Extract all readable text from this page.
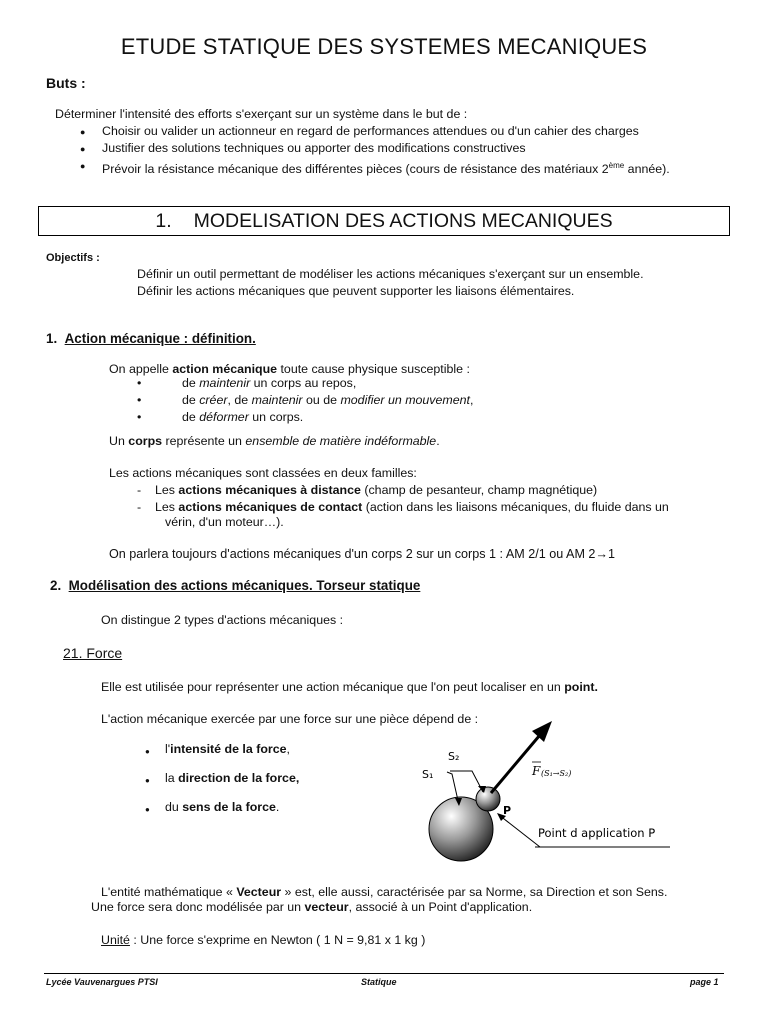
ETUDE STATIQUE DES SYSTEMES MECANIQUES
Buts :
Déterminer l'intensité des efforts s'exerçant sur un système dans le but de :
● Choisir ou valider un actionneur en regard de performances attendues ou d'un cahier des charges
● Justifier des solutions techniques ou apporter des modifications constructives
● Prévoir la résistance mécanique des différentes pièces (cours de résistance des matériaux 2ème année).
1. MODELISATION DES ACTIONS MECANIQUES
Objectifs :
Définir un outil permettant de modéliser les actions mécaniques s'exerçant sur un ensemble.
Définir les actions mécaniques que peuvent supporter les liaisons élémentaires.
1. Action mécanique : définition.
On appelle action mécanique toute cause physique susceptible :
• de maintenir un corps au repos,
• de créer, de maintenir ou de modifier un mouvement,
• de déformer un corps.
Un corps représente un ensemble de matière indéformable.
Les actions mécaniques sont classées en deux familles:
- Les actions mécaniques à distance (champ de pesanteur, champ magnétique)
- Les actions mécaniques de contact (action dans les liaisons mécaniques, du fluide dans un
vérin, d'un moteur…).
On parlera toujours d'actions mécaniques d'un corps 2 sur un corps 1 : AM 2/1 ou AM 2→1
2. Modélisation des actions mécaniques. Torseur statique
On distingue 2 types d'actions mécaniques :
21. Force
Elle est utilisée pour représenter une action mécanique que l'on peut localiser en un point.
L'action mécanique exercée par une force sur une pièce dépend de :
● l'intensité de la force,
● la direction de la force,
● du sens de la force.
S₂
S₁
P
F (S₁→S₂)
Point d application P
L'entité mathématique « Vecteur » est, elle aussi, caractérisée par sa Norme, sa Direction et son Sens.
Une force sera donc modélisée par un vecteur, associé à un Point d'application.
Unité : Une force s'exprime en Newton ( 1 N = 9,81 x 1 kg )
Lycée Vauvenargues PTSI	Statique	page 1
